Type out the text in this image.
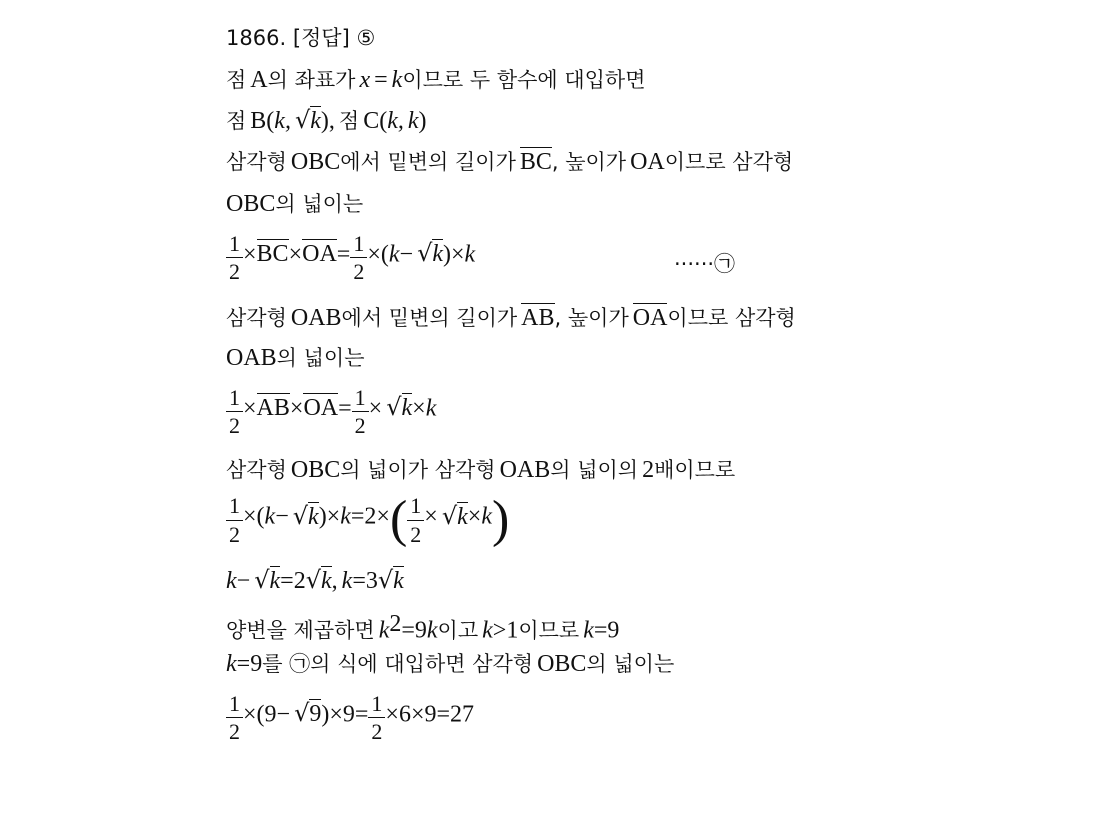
1866. [정답] ⑤
점 A의 좌표가 x = k이므로 두 함수에 대입하면
점 B(k, √k), 점 C(k, k)
삼각형 OBC에서 밑변의 길이가 BC, 높이가 OA이므로 삼각형
OBC의 넓이는
$\frac{1}{2} \times BC\times OA= \frac{1}{2} \times(k- √k)\times k$	······㉠
삼각형 OAB에서 밑변의 길이가 AB, 높이가 OA이므로 삼각형
OAB의 넓이는
$\frac{1}{2} \times AB\times OA= \frac{1}{2} \times √k\times k$
삼각형 OBC의 넓이가 삼각형 OAB의 넓이의 2배이므로
$\frac{1}{2} \times(k- √k)\times k=2\times( \frac{1}{2} \times √k\times k)$
k− √k=2√k, k=3√k
양변을 제곱하면 $k^2=9k$이고 k>1이므로 k=9
k=9를 ㉠의 식에 대입하면 삼각형 OBC의 넓이는
$\frac{1}{2} \times(9- √9)\times 9= \frac{1}{2} \times 6\times 9=27$
